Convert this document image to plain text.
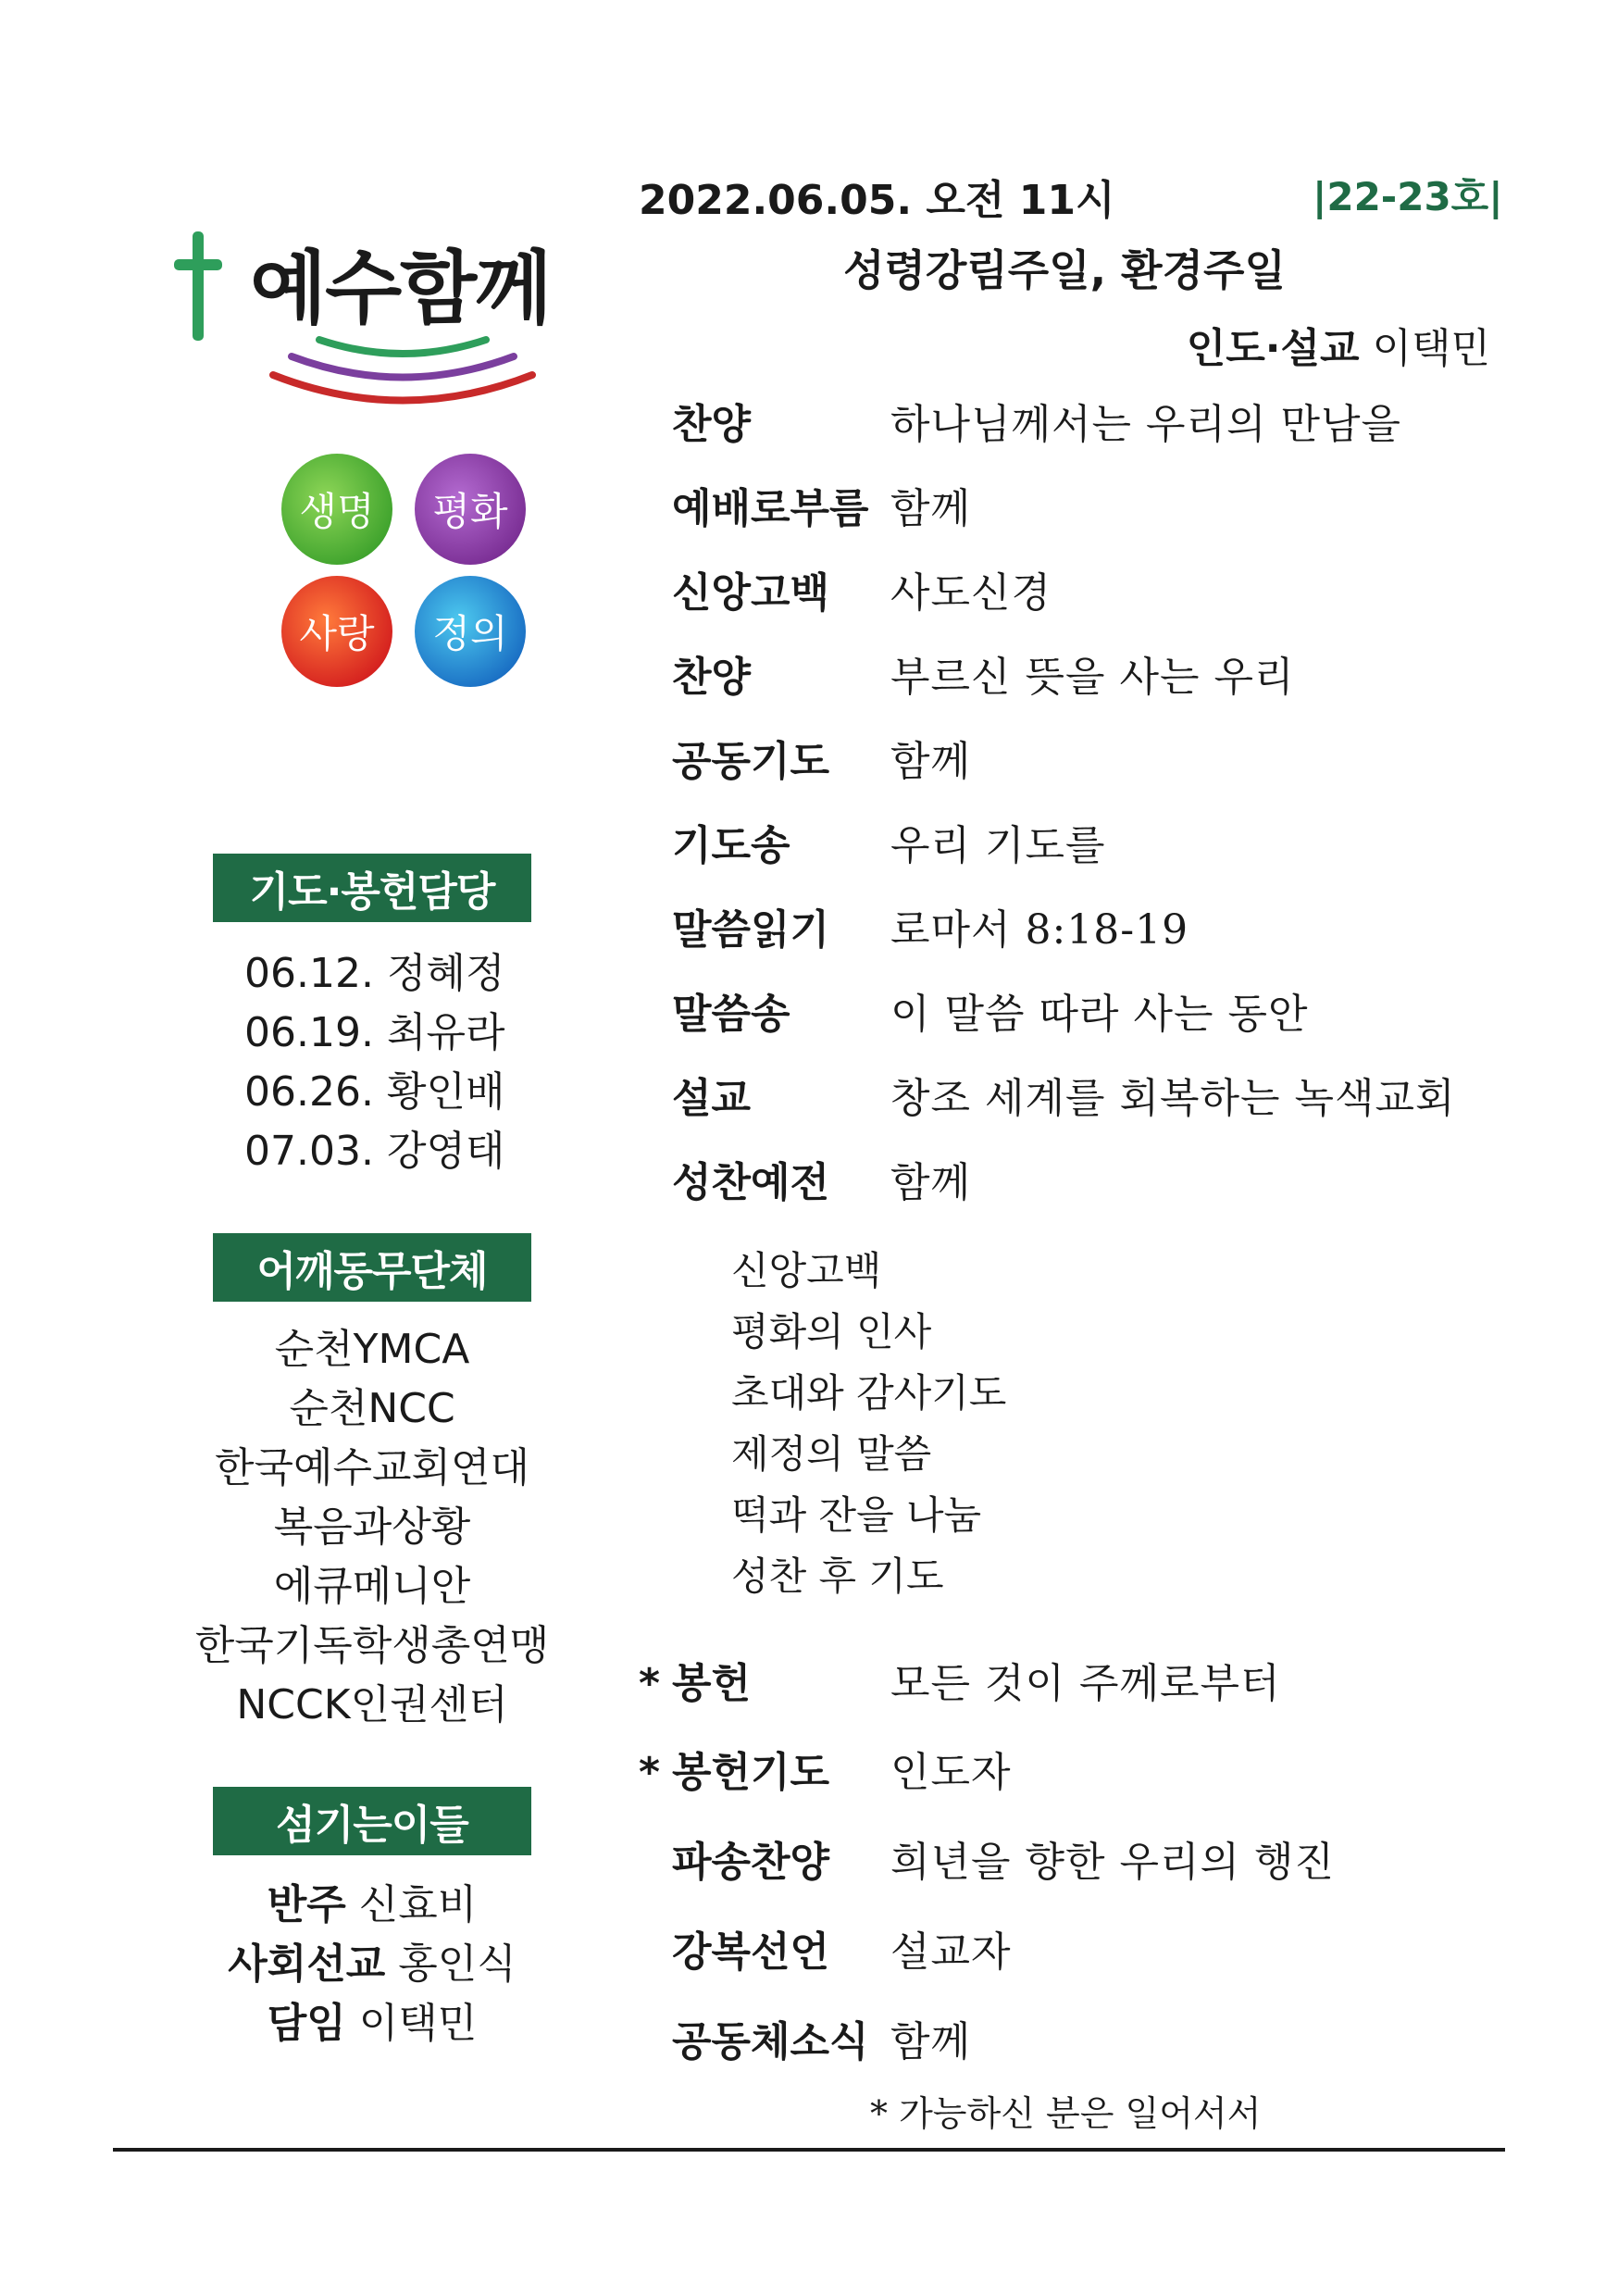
예수함께
생명	평화
사랑	정의
기도·봉헌담당
06.12. 정혜정
06.19. 최유라
06.26. 황인배
07.03. 강영태
어깨동무단체
순천YMCA
순천NCC
한국예수교회연대
복음과상황
에큐메니안
한국기독학생총연맹
NCCK인권센터
섬기는이들
반주 신효비
사회선교 홍인식
담임 이택민
2022.06.05. 오전 11시	|22-23호|
성령강림주일, 환경주일
인도·설교 이택민
찬양	하나님께서는 우리의 만남을
예배로부름 함께
신앙고백 사도신경
찬양	부르신 뜻을 사는 우리
공동기도 함께
기도송 우리 기도를
말씀읽기 로마서 8:18-19
말씀송 이 말씀 따라 사는 동안
설교	창조 세계를 회복하는 녹색교회
성찬예전 함께
* 봉헌	모든 것이 주께로부터
* 봉헌기도 인도자
파송찬양 희년을 향한 우리의 행진
강복선언 설교자
공동체소식 함께
신앙고백
평화의 인사
초대와 감사기도
제정의 말씀
떡과 잔을 나눔
성찬 후 기도
* 가능하신 분은 일어서서
